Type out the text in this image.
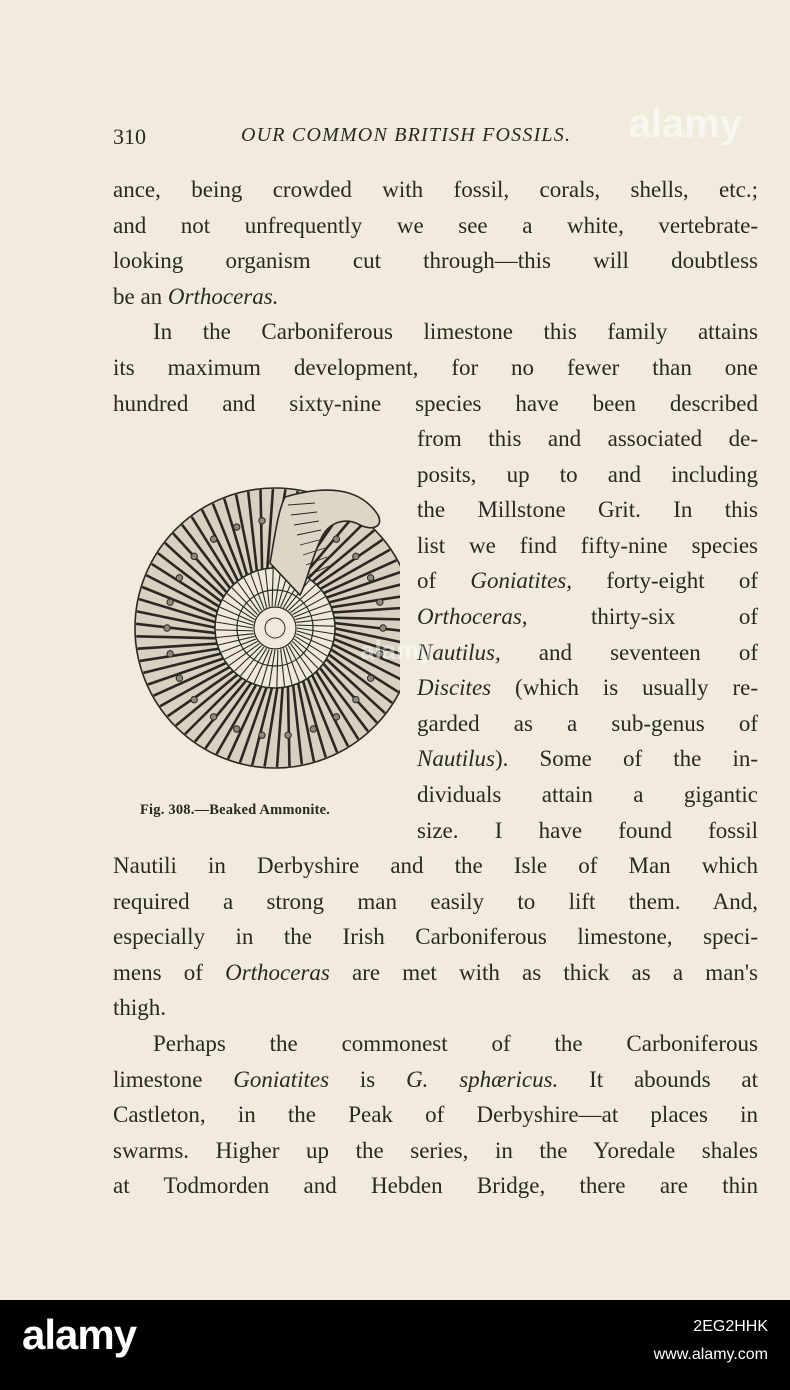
310	OUR COMMON BRITISH FOSSILS.
ance, being crowded with fossil, corals, shells, etc.;
and not unfrequently we see a white, vertebrate-
looking organism cut through—this will doubtless
be an Orthoceras.
In the Carboniferous limestone this family attains
its maximum development, for no fewer than one
hundred and sixty-nine species have been described
from this and associated de-
posits, up to and including
the Millstone Grit. In this
list we find fifty-nine species
of Goniatites, forty-eight of
Orthoceras, thirty-six of
Nautilus, and seventeen of
Discites (which is usually re-
garded as a sub-genus of
Nautilus). Some of the in-
dividuals attain a gigantic
size. I have found fossil
Fig. 308.—Beaked Ammonite.
Nautili in Derbyshire and the Isle of Man which
required a strong man easily to lift them. And,
especially in the Irish Carboniferous limestone, speci-
mens of Orthoceras are met with as thick as a man's
thigh.
Perhaps the commonest of the Carboniferous
limestone Goniatites is G. sphæricus. It abounds at
Castleton, in the Peak of Derbyshire—at places in
swarms. Higher up the series, in the Yoredale shales
at Todmorden and Hebden Bridge, there are thin
alamy
alamy
alamy	2EG2HHK
www.alamy.com
